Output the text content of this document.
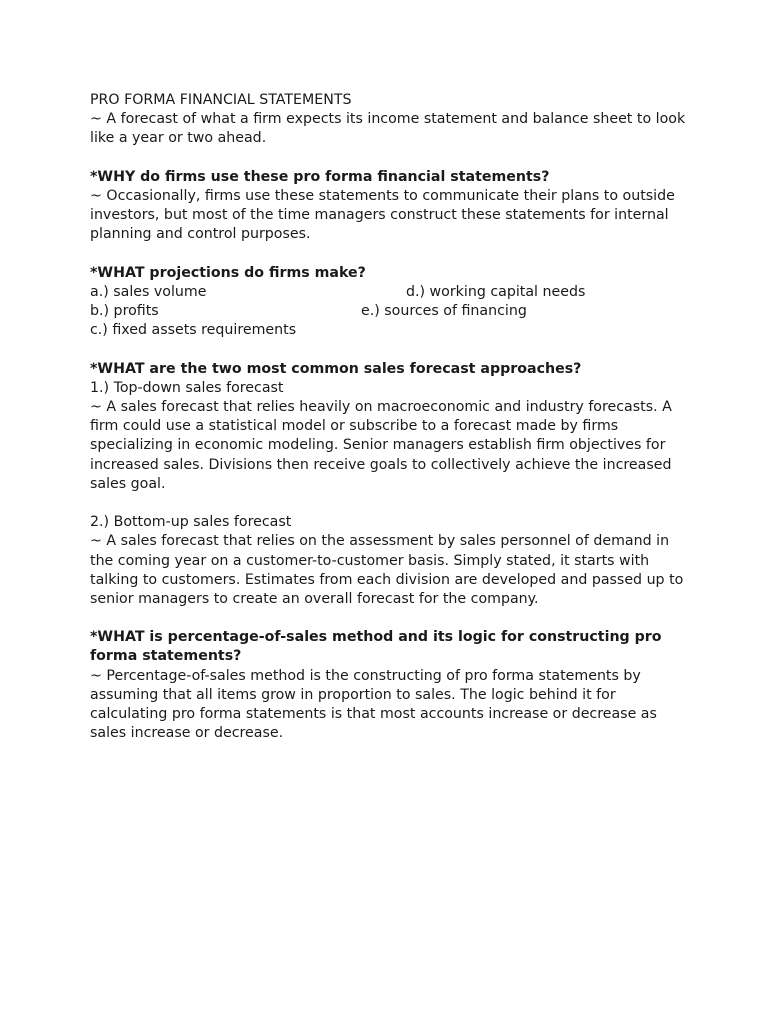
PRO FORMA FINANCIAL STATEMENTS
~ A forecast of what a firm expects its income statement and balance sheet to look
like a year or two ahead.
*WHY do firms use these pro forma financial statements?
~ Occasionally, firms use these statements to communicate their plans to outside
investors, but most of the time managers construct these statements for internal
planning and control purposes.
*WHAT projections do firms make?
a.) sales volume	d.) working capital needs
b.) profits	e.) sources of financing
c.) fixed assets requirements
*WHAT are the two most common sales forecast approaches?
1.) Top-down sales forecast
~ A sales forecast that relies heavily on macroeconomic and industry forecasts. A
firm could use a statistical model or subscribe to a forecast made by firms
specializing in economic modeling. Senior managers establish firm objectives for
increased sales. Divisions then receive goals to collectively achieve the increased
sales goal.
2.) Bottom-up sales forecast
~ A sales forecast that relies on the assessment by sales personnel of demand in
the coming year on a customer-to-customer basis. Simply stated, it starts with
talking to customers. Estimates from each division are developed and passed up to
senior managers to create an overall forecast for the company.
*WHAT is percentage-of-sales method and its logic for constructing pro
forma statements?
~ Percentage-of-sales method is the constructing of pro forma statements by
assuming that all items grow in proportion to sales. The logic behind it for
calculating pro forma statements is that most accounts increase or decrease as
sales increase or decrease.
